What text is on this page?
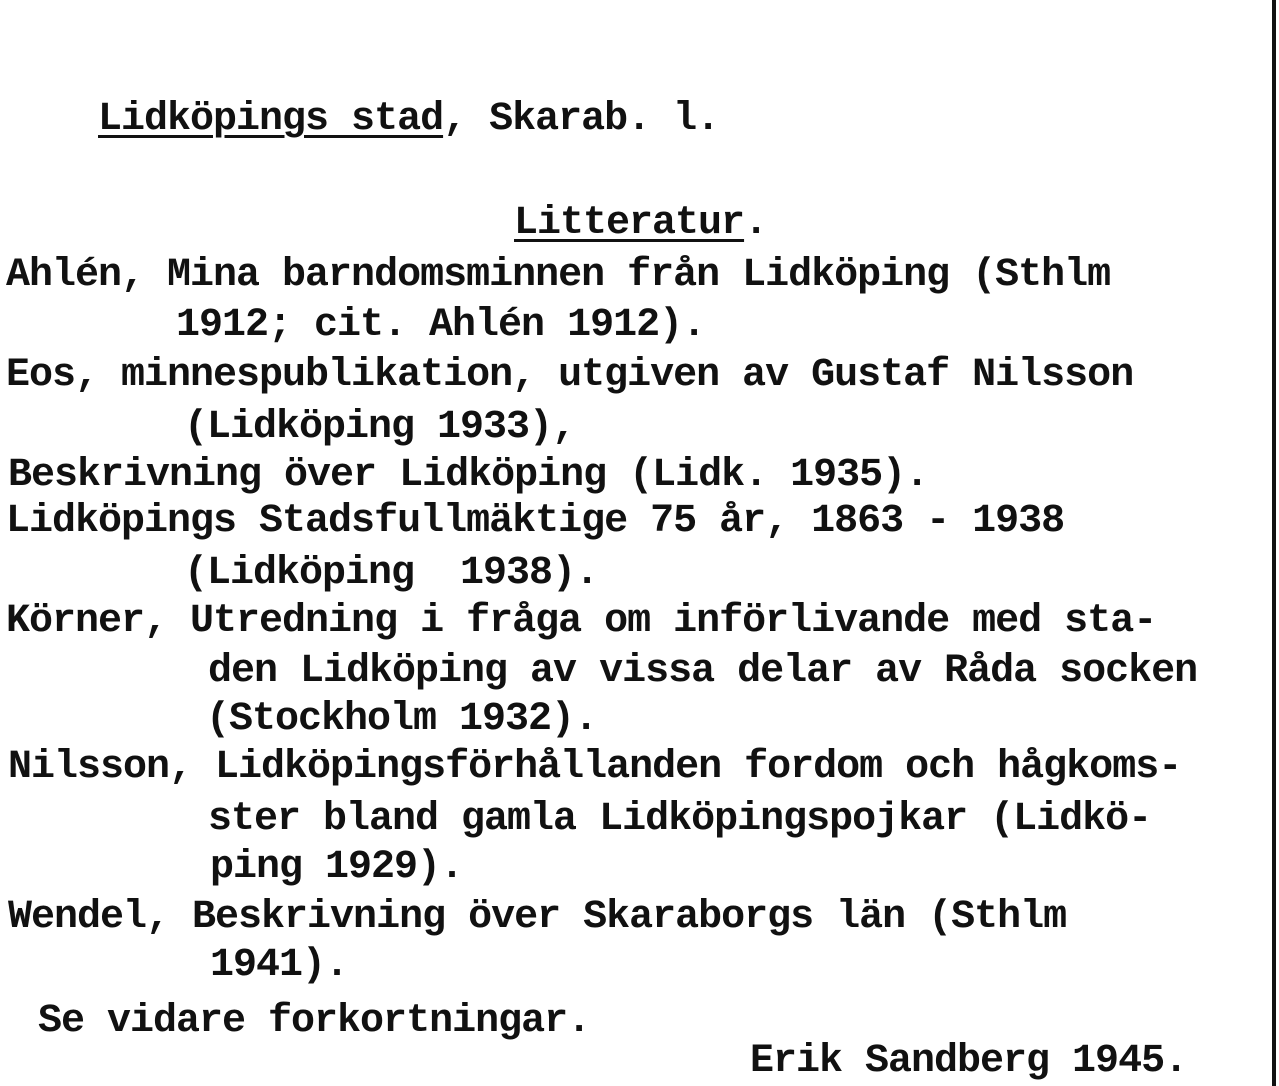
Lidköpings stad, Skarab. l.

Litteratur.

Ahlén, Mina barndomsminnen från Lidköping (Sthlm
1912; cit. Ahlén 1912).
Eos, minnespublikation, utgiven av Gustaf Nilsson
(Lidköping 1933),
Beskrivning över Lidköping (Lidk. 1935).
Lidköpings Stadsfullmäktige 75 år, 1863 - 1938
(Lidköping  1938).
Körner, Utredning i fråga om införlivande med sta-
den Lidköping av vissa delar av Råda socken
(Stockholm 1932).
Nilsson, Lidköpingsförhållanden fordom och hågkoms-
ster bland gamla Lidköpingspojkar (Lidkö-
ping 1929).
Wendel, Beskrivning över Skaraborgs län (Sthlm
1941).
Se vidare forkortningar.
Erik Sandberg 1945.
